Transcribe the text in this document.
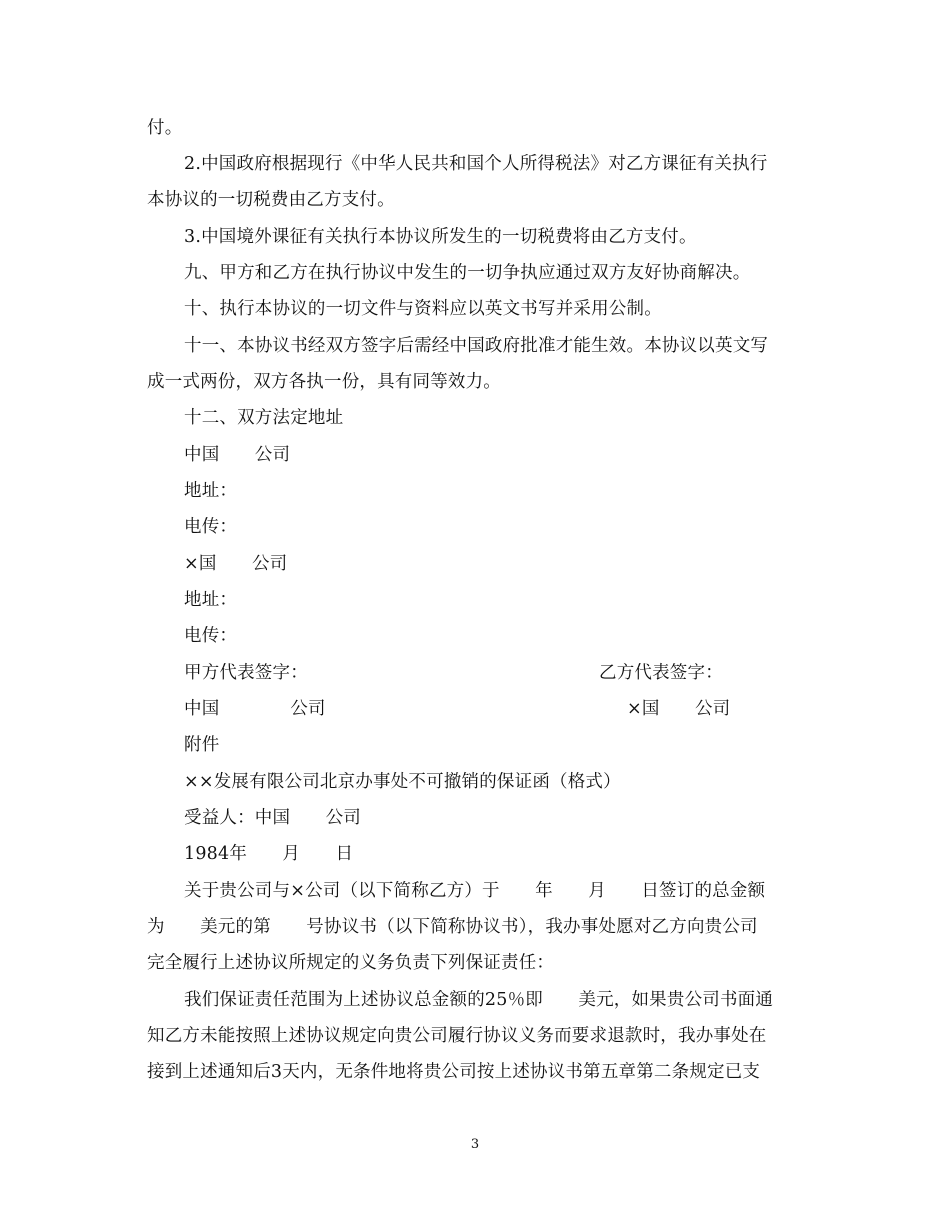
付。
2.中国政府根据现行《中华人民共和国个人所得税法》对乙方课征有关执行
本协议的一切税费由乙方支付。
3.中国境外课征有关执行本协议所发生的一切税费将由乙方支付。
九、甲方和乙方在执行协议中发生的一切争执应通过双方友好协商解决。
十、执行本协议的一切文件与资料应以英文书写并采用公制。
十一、本协议书经双方签字后需经中国政府批准才能生效。本协议以英文写
成一式两份，双方各执一份，具有同等效力。
十二、双方法定地址
中国　　公司
地址：
电传：
×国　　公司
地址：
电传：
甲方代表签字：	乙方代表签字：
中国　　　　公司	×国　　公司
附件
××发展有限公司北京办事处不可撤销的保证函（格式）
受益人：中国　　公司
1984年　　月　　日
关于贵公司与×公司（以下简称乙方）于　　年　　月　　日签订的总金额
为　　美元的第　　号协议书（以下简称协议书），我办事处愿对乙方向贵公司
完全履行上述协议所规定的义务负责下列保证责任：
我们保证责任范围为上述协议总金额的25％即　　美元，如果贵公司书面通
知乙方未能按照上述协议规定向贵公司履行协议义务而要求退款时，我办事处在
接到上述通知后3天内，无条件地将贵公司按上述协议书第五章第二条规定已支
3
